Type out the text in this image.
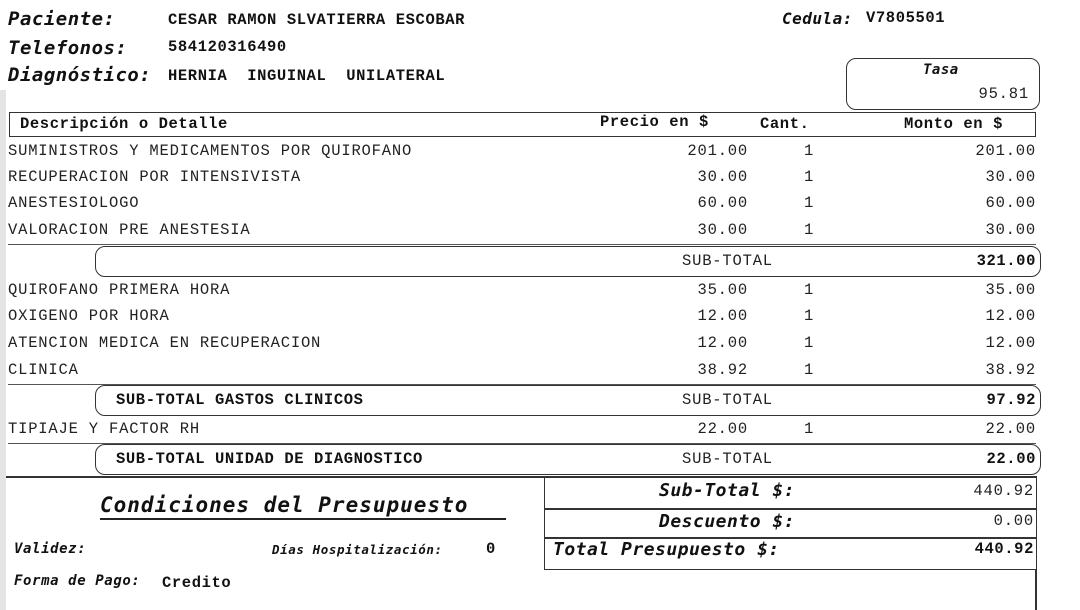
Paciente:	CESAR RAMON SLVATIERRA ESCOBAR	Cedula: V7805501
Telefonos:	584120316490
Diagnóstico: HERNIA  INGUINAL  UNILATERAL	Tasa
95.81
Descripción o Detalle	Precio en $	Cant.	Monto en $
SUMINISTROS Y MEDICAMENTOS POR QUIROFANO	201.00	1	201.00
RECUPERACION POR INTENSIVISTA	30.00	1	30.00
ANESTESIOLOGO	60.00	1	60.00
VALORACION PRE ANESTESIA	30.00	1	30.00
SUB-TOTAL	321.00
QUIROFANO PRIMERA HORA	35.00	1	35.00
OXIGENO POR HORA	12.00	1	12.00
ATENCION MEDICA EN RECUPERACION	12.00	1	12.00
CLINICA	38.92	1	38.92
SUB-TOTAL GASTOS CLINICOS	SUB-TOTAL	97.92
TIPIAJE Y FACTOR RH	22.00	1	22.00
SUB-TOTAL UNIDAD DE DIAGNOSTICO	SUB-TOTAL	22.00
Condiciones del Presupuesto
Validez:	Días Hospitalización:	0
Forma de Pago: Credito
Sub-Total $:	440.92
Descuento $:	0.00
Total Presupuesto $:	440.92
